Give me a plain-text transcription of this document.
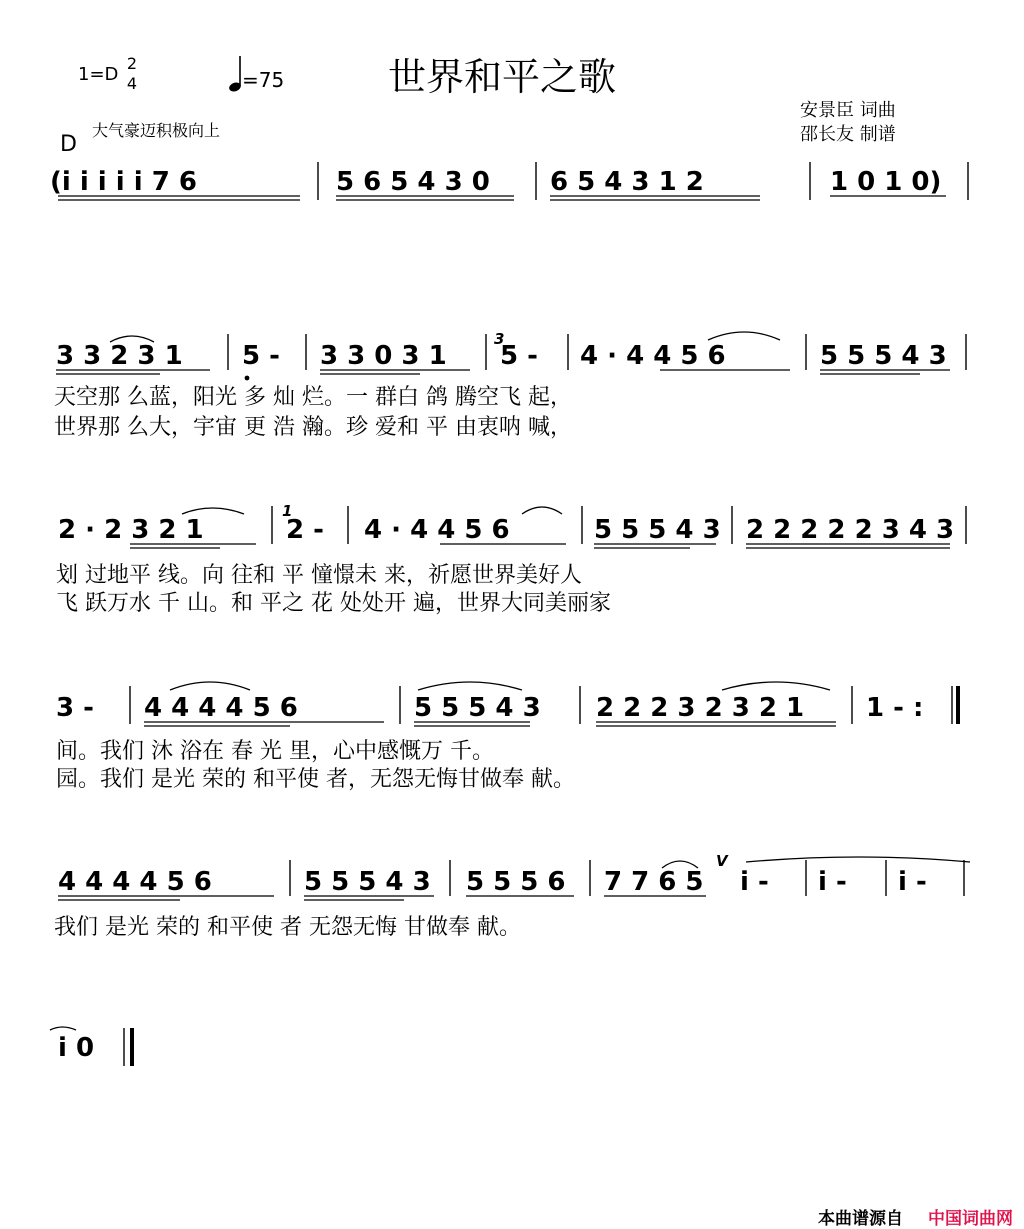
世界和平之歌
1=D
2
4	=75
大气豪迈积极向上
D
安景臣 词曲
邵长友 制谱
(i̇ i̇ i̇ i̇ i̇ 7 6	5 6 5 4 3 0 6 5 4 3 1 2	1 0 1 0)
3 3 2 3 1 5 - 3 3 0 3 1 5 - 4 · 4 4 5 6	5 5 5 4 3
3
天空那 么蓝，阳光 多 灿 烂。一 群白 鸽 腾空飞 起，
世界那 么大，宇宙 更 浩 瀚。珍 爱和 平 由衷呐 喊，
2 · 2 3 2 1	2 - 4 · 4 4 5 6	5 5 5 4 3 2 2 2 2 2 3 4 3
1
划 过地平 线。向 往和 平 憧憬未 来，祈愿世界美好人
飞 跃万水 千 山。和 平之 花 处处开 遍，世界大同美丽家
3 - 4 4 4 4 5 6	5 5 5 4 3 2 2 2 3 2 3 2 1 1 - :
间。我们 沐 浴在 春 光 里，心中感慨万 千。
园。我们 是光 荣的 和平使 者，无怨无悔甘做奉 献。
4 4 4 4 5 6	5 5 5 4 3 5 5 5 6 7 7 6 5 i̇ - i̇ - i̇ -
V
我们 是光 荣的 和平使 者 无怨无悔 甘做奉 献。
i̇ 0
本曲谱源自 中国词曲网
